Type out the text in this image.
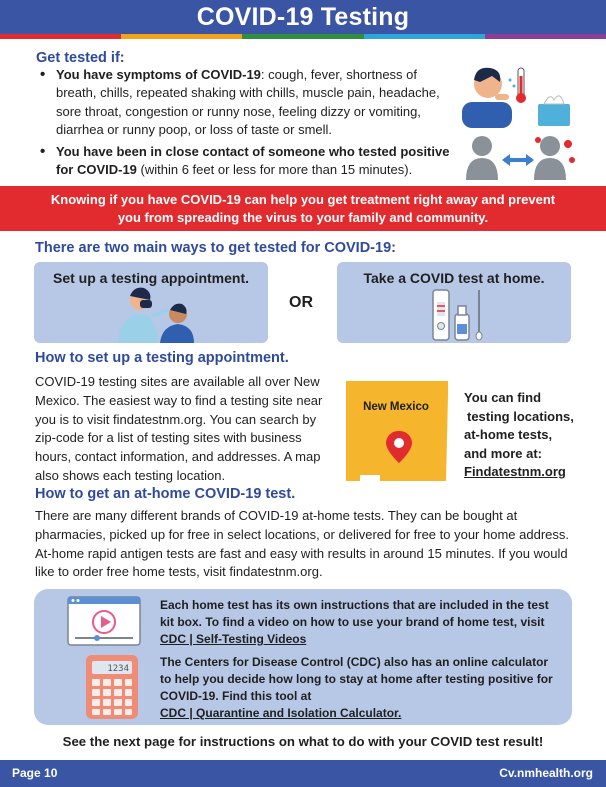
COVID-19 Testing
Get tested if:
• You have symptoms of COVID-19: cough, fever, shortness of breath, chills, repeated shaking with chills, muscle pain, headache, sore throat, congestion or runny nose, feeling dizzy or vomiting, diarrhea or runny poop, or loss of taste or smell.
• You have been in close contact of someone who tested positive for COVID-19 (within 6 feet or less for more than 15 minutes).
Knowing if you have COVID-19 can help you get treatment right away and prevent
you from spreading the virus to your family and community.
There are two main ways to get tested for COVID-19:
Set up a testing appointment.
OR
Take a COVID test at home.
How to set up a testing appointment.
COVID-19 testing sites are available all over New Mexico. The easiest way to find a testing site near you is to visit findatestnm.org. You can search by zip-code for a list of testing sites with business hours, contact information, and addresses. A map also shows each testing location.
New Mexico
You can find
testing locations,
at-home tests,
and more at:
Findatestnm.org
How to get an at-home COVID-19 test.
There are many different brands of COVID-19 at-home tests. They can be bought at pharmacies, picked up for free in select locations, or delivered for free to your home address. At-home rapid antigen tests are fast and easy with results in around 15 minutes. If you would like to order free home tests, visit findatestnm.org.
Each home test has its own instructions that are included in the test kit box. To find a video on how to use your brand of home test, visit
CDC | Self-Testing Videos
1234	The Centers for Disease Control (CDC) also has an online calculator to help you decide how long to stay at home after testing positive for COVID-19. Find this tool at
CDC | Quarantine and Isolation Calculator.
See the next page for instructions on what to do with your COVID test result!
Page 10	Cv.nmhealth.org
